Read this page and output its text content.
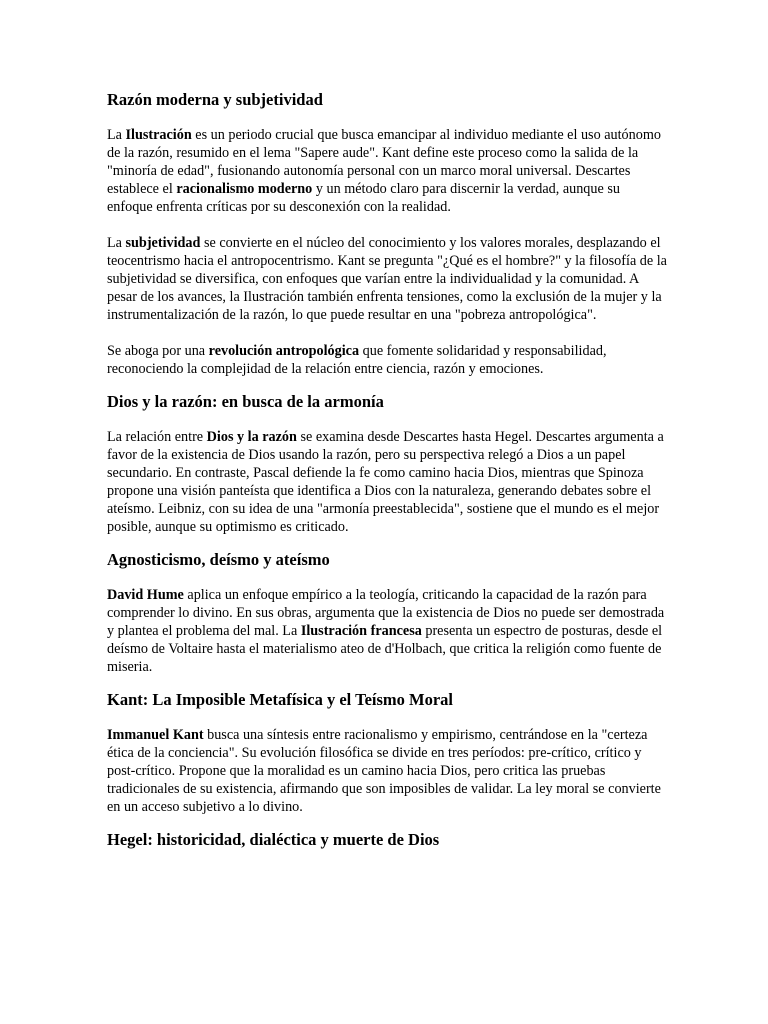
Razón moderna y subjetividad

La Ilustración es un periodo crucial que busca emancipar al individuo mediante el uso autónomo de la razón, resumido en el lema "Sapere aude". Kant define este proceso como la salida de la "minoría de edad", fusionando autonomía personal con un marco moral universal. Descartes establece el racionalismo moderno y un método claro para discernir la verdad, aunque su enfoque enfrenta críticas por su desconexión con la realidad.

La subjetividad se convierte en el núcleo del conocimiento y los valores morales, desplazando el teocentrismo hacia el antropocentrismo. Kant se pregunta "¿Qué es el hombre?" y la filosofía de la subjetividad se diversifica, con enfoques que varían entre la individualidad y la comunidad. A pesar de los avances, la Ilustración también enfrenta tensiones, como la exclusión de la mujer y la instrumentalización de la razón, lo que puede resultar en una "pobreza antropológica".

Se aboga por una revolución antropológica que fomente solidaridad y responsabilidad, reconociendo la complejidad de la relación entre ciencia, razón y emociones.

Dios y la razón: en busca de la armonía

La relación entre Dios y la razón se examina desde Descartes hasta Hegel. Descartes argumenta a favor de la existencia de Dios usando la razón, pero su perspectiva relegó a Dios a un papel secundario. En contraste, Pascal defiende la fe como camino hacia Dios, mientras que Spinoza propone una visión panteísta que identifica a Dios con la naturaleza, generando debates sobre el ateísmo. Leibniz, con su idea de una "armonía preestablecida", sostiene que el mundo es el mejor posible, aunque su optimismo es criticado.

Agnosticismo, deísmo y ateísmo

David Hume aplica un enfoque empírico a la teología, criticando la capacidad de la razón para comprender lo divino. En sus obras, argumenta que la existencia de Dios no puede ser demostrada y plantea el problema del mal. La Ilustración francesa presenta un espectro de posturas, desde el deísmo de Voltaire hasta el materialismo ateo de d'Holbach, que critica la religión como fuente de miseria.

Kant: La Imposible Metafísica y el Teísmo Moral

Immanuel Kant busca una síntesis entre racionalismo y empirismo, centrándose en la "certeza ética de la conciencia". Su evolución filosófica se divide en tres períodos: pre-crítico, crítico y post-crítico. Propone que la moralidad es un camino hacia Dios, pero critica las pruebas tradicionales de su existencia, afirmando que son imposibles de validar. La ley moral se convierte en un acceso subjetivo a lo divino.

Hegel: historicidad, dialéctica y muerte de Dios
